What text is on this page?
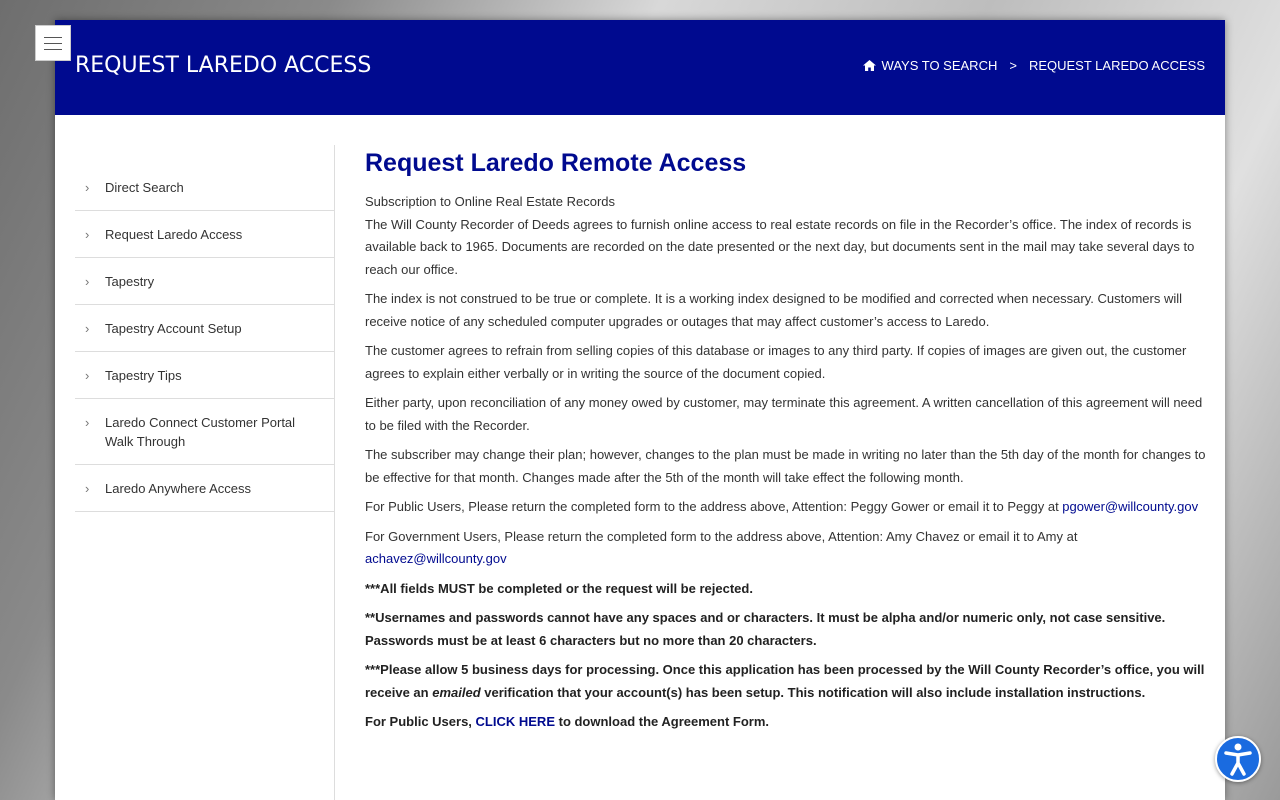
REQUEST LAREDO ACCESS	WAYS TO SEARCH > REQUEST LAREDO ACCESS
› Direct Search
› Request Laredo Access
› Tapestry
› Tapestry Account Setup
› Tapestry Tips
› Laredo Connect Customer Portal Walk Through
› Laredo Anywhere Access
Request Laredo Remote Access
Subscription to Online Real Estate Records

The Will County Recorder of Deeds agrees to furnish online access to real estate records on file in the Recorder’s office. The index of records is available back to 1965. Documents are recorded on the date presented or the next day, but documents sent in the mail may take several days to reach our office.

The index is not construed to be true or complete. It is a working index designed to be modified and corrected when necessary. Customers will receive notice of any scheduled computer upgrades or outages that may affect customer’s access to Laredo.

The customer agrees to refrain from selling copies of this database or images to any third party. If copies of images are given out, the customer agrees to explain either verbally or in writing the source of the document copied.

Either party, upon reconciliation of any money owed by customer, may terminate this agreement. A written cancellation of this agreement will need to be filed with the Recorder.

The subscriber may change their plan; however, changes to the plan must be made in writing no later than the 5th day of the month for changes to be effective for that month. Changes made after the 5th of the month will take effect the following month.

For Public Users, Please return the completed form to the address above, Attention: Peggy Gower or email it to Peggy at pgower@willcounty.gov

For Government Users, Please return the completed form to the address above, Attention: Amy Chavez or email it to Amy at achavez@willcounty.gov

***All fields MUST be completed or the request will be rejected.

**Usernames and passwords cannot have any spaces and or characters. It must be alpha and/or numeric only, not case sensitive. Passwords must be at least 6 characters but no more than 20 characters.

***Please allow 5 business days for processing. Once this application has been processed by the Will County Recorder’s office, you will receive an emailed verification that your account(s) has been setup. This notification will also include installation instructions.

For Public Users, CLICK HERE to download the Agreement Form.
